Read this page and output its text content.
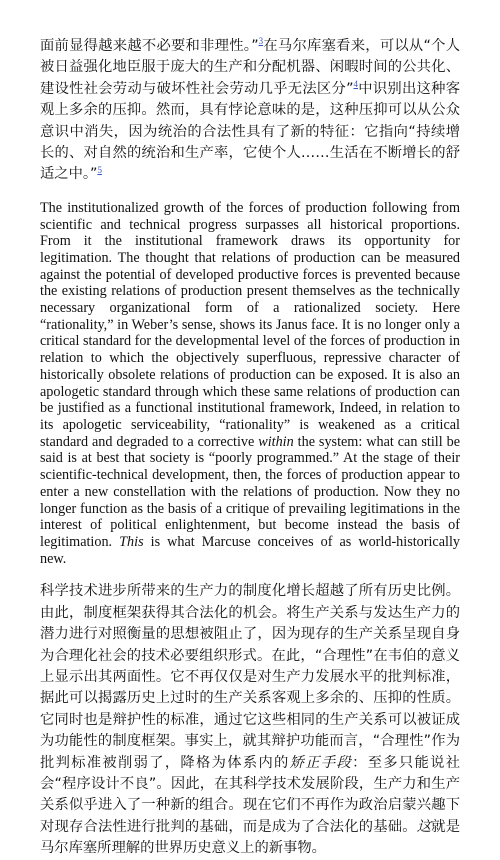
面前显得越来越不必要和非理性。”$^3$在马尔库塞看来，可以从“个人被日益强化地臣服于庞大的生产和分配机器、闲暇时间的公共化、建设性社会劳动与破坏性社会劳动几乎无法区分”$^4$中识别出这种客观上多余的压抑。然而，具有悖论意味的是，这种压抑可以从公众意识中消失，因为统治的合法性具有了新的特征：它指向“持续增长的、对自然的统治和生产率，它使个人……生活在不断增长的舒适之中。”$^5$

The institutionalized growth of the forces of production following from scientific and technical progress surpasses all historical proportions. From it the institutional framework draws its opportunity for legitimation. The thought that relations of production can be measured against the potential of developed productive forces is prevented because the existing relations of production present themselves as the technically necessary organizational form of a rationalized society. Here “rationality,” in Weber’s sense, shows its Janus face. It is no longer only a critical standard for the developmental level of the forces of production in relation to which the objectively superfluous, repressive character of historically obsolete relations of production can be exposed. It is also an apologetic standard through which these same relations of production can be justified as a functional institutional framework, Indeed, in relation to its apologetic serviceability, “rationality” is weakened as a critical standard and degraded to a corrective within the system: what can still be said is at best that society is “poorly programmed.” At the stage of their scientific-technical development, then, the forces of production appear to enter a new constellation with the relations of production. Now they no longer function as the basis of a critique of prevailing legitimations in the interest of political enlightenment, but become instead the basis of legitimation. This is what Marcuse conceives of as world-historically new.

科学技术进步所带来的生产力的制度化增长超越了所有历史比例。由此，制度框架获得其合法化的机会。将生产关系与发达生产力的潜力进行对照衡量的思想被阻止了，因为现存的生产关系呈现自身为合理化社会的技术必要组织形式。在此，“合理性”在韦伯的意义上显示出其两面性。它不再仅仅是对生产力发展水平的批判标准，据此可以揭露历史上过时的生产关系客观上多余的、压抑的性质。它同时也是辩护性的标准，通过它这些相同的生产关系可以被证成为功能性的制度框架。事实上，就其辩护功能而言，“合理性”作为批判标准被削弱了，降格为体系内的矫正手段：至多只能说社会“程序设计不良”。因此，在其科学技术发展阶段，生产力和生产关系似乎进入了一种新的组合。现在它们不再作为政治启蒙兴趣下对现存合法性进行批判的基础，而是成为了合法化的基础。这就是马尔库塞所理解的世界历史意义上的新事物。
